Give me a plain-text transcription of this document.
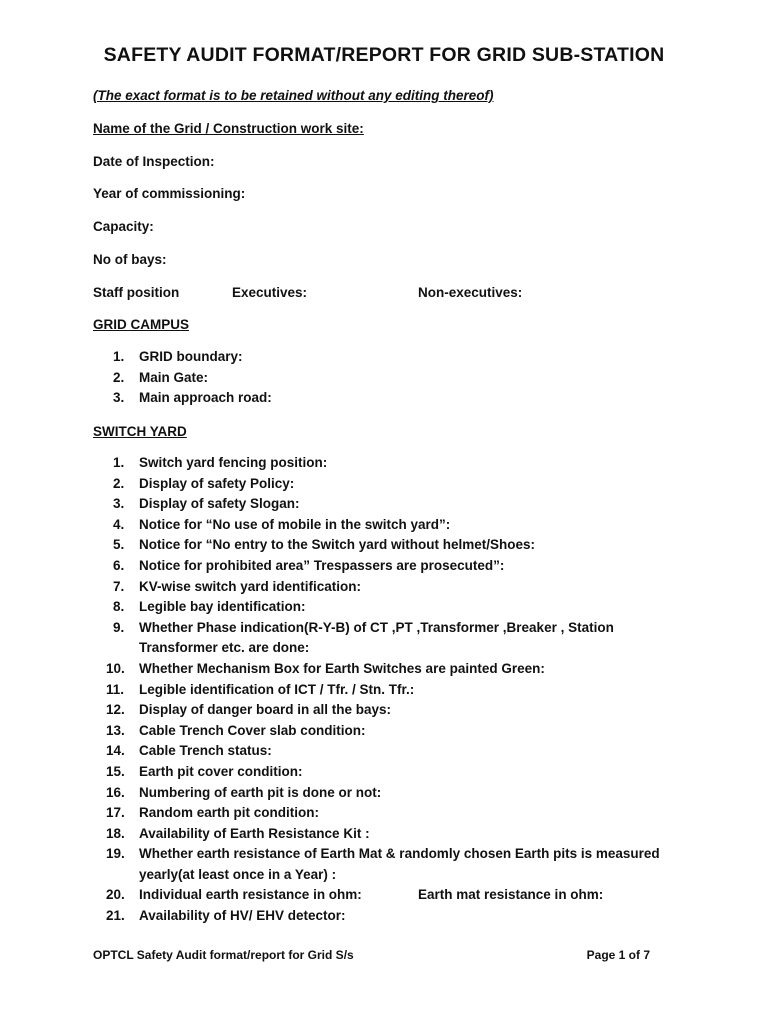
SAFETY AUDIT FORMAT/REPORT FOR GRID SUB-STATION
(The exact format is to be retained without any editing thereof)
Name of the Grid / Construction work site:
Date of Inspection:
Year of commissioning:
Capacity:
No of bays:
Staff position	Executives:	Non-executives:
GRID CAMPUS
1. GRID boundary:
2. Main Gate:
3. Main approach road:
SWITCH YARD
1. Switch yard fencing position:
2. Display of safety Policy:
3. Display of safety Slogan:
4. Notice for “No use of mobile in the switch yard”:
5. Notice for “No entry to the Switch yard without helmet/Shoes:
6. Notice for prohibited area” Trespassers are prosecuted”:
7. KV-wise switch yard identification:
8. Legible bay identification:
9. Whether Phase indication(R-Y-B) of CT ,PT ,Transformer ,Breaker , Station
Transformer etc. are done:
10. Whether Mechanism Box for Earth Switches are painted Green:
11. Legible identification of ICT / Tfr. / Stn. Tfr.:
12. Display of danger board in all the bays:
13. Cable Trench Cover slab condition:
14. Cable Trench status:
15. Earth pit cover condition:
16. Numbering of earth pit is done or not:
17. Random earth pit condition:
18. Availability of Earth Resistance Kit :
19. Whether earth resistance of Earth Mat & randomly chosen Earth pits is measured
yearly(at least once in a Year) :
20. Individual earth resistance in ohm:	Earth mat resistance in ohm:
21. Availability of HV/ EHV detector:
OPTCL Safety Audit format/report for Grid S/s	Page 1 of 7
